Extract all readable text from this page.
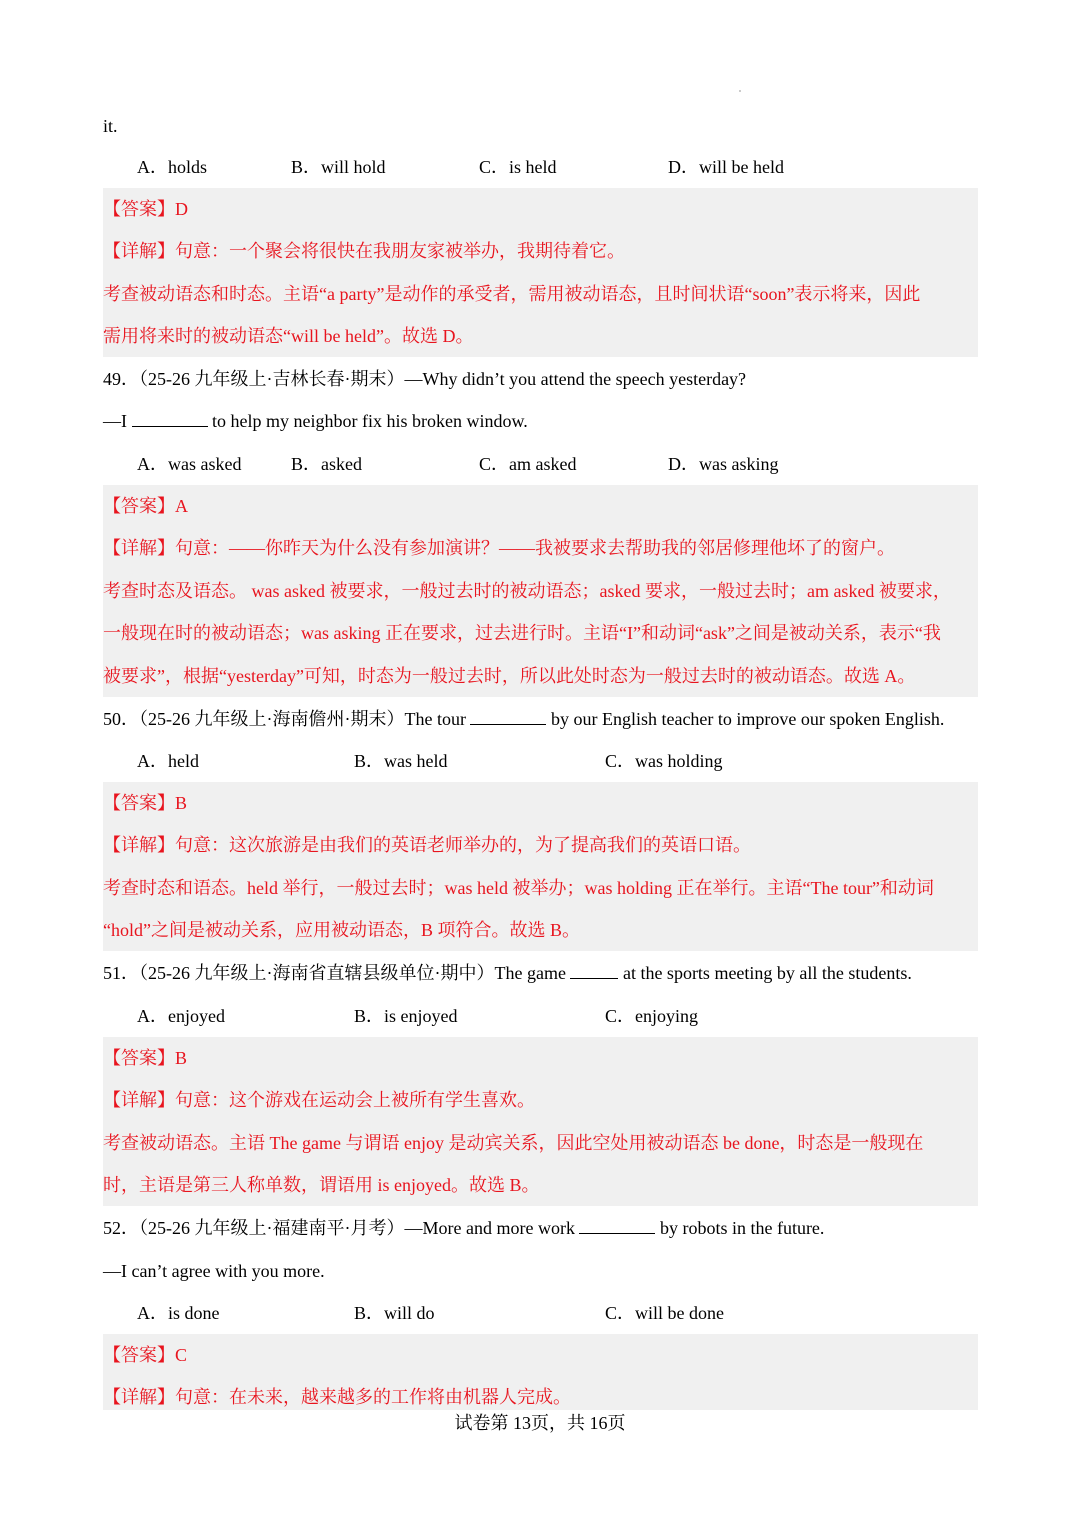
it.
A．holds	B．will hold	C．is held	D．will be held
【答案】D
【详解】句意：一个聚会将很快在我朋友家被举办，我期待着它。
考查被动语态和时态。主语“a party”是动作的承受者，需用被动语态，且时间状语“soon”表示将来，因此
需用将来时的被动语态“will be held”。故选 D。
49．（25-26 九年级上·吉林长春·期末）—Why didn’t you attend the speech yesterday?
—I	to help my neighbor fix his broken window.
A．was asked	B．asked	C．am asked	D．was asking
【答案】A
【详解】句意：——你昨天为什么没有参加演讲？——我被要求去帮助我的邻居修理他坏了的窗户。
考查时态及语态。 was asked 被要求，一般过去时的被动语态；asked 要求，一般过去时；am asked 被要求，
一般现在时的被动语态；was asking 正在要求，过去进行时。主语“I”和动词“ask”之间是被动关系，表示“我
被要求”，根据“yesterday”可知，时态为一般过去时，所以此处时态为一般过去时的被动语态。故选 A。
50．（25-26 九年级上·海南儋州·期末）The tour	by our English teacher to improve our spoken English.
A．held	B．was held	C．was holding
【答案】B
【详解】句意：这次旅游是由我们的英语老师举办的，为了提高我们的英语口语。
考查时态和语态。held 举行，一般过去时；was held 被举办；was holding 正在举行。主语“The tour”和动词
“hold”之间是被动关系，应用被动语态，B 项符合。故选 B。
51．（25-26 九年级上·海南省直辖县级单位·期中）The game	at the sports meeting by all the students.
A．enjoyed	B．is enjoyed	C．enjoying
【答案】B
【详解】句意：这个游戏在运动会上被所有学生喜欢。
考查被动语态。主语 The game 与谓语 enjoy 是动宾关系，因此空处用被动语态 be done，时态是一般现在
时，主语是第三人称单数，谓语用 is enjoyed。故选 B。
52．（25-26 九年级上·福建南平·月考）—More and more work	by robots in the future.
—I can’t agree with you more.
A．is done	B．will do	C．will be done
【答案】C
【详解】句意：在未来，越来越多的工作将由机器人完成。
试卷第 13页，共 16页
